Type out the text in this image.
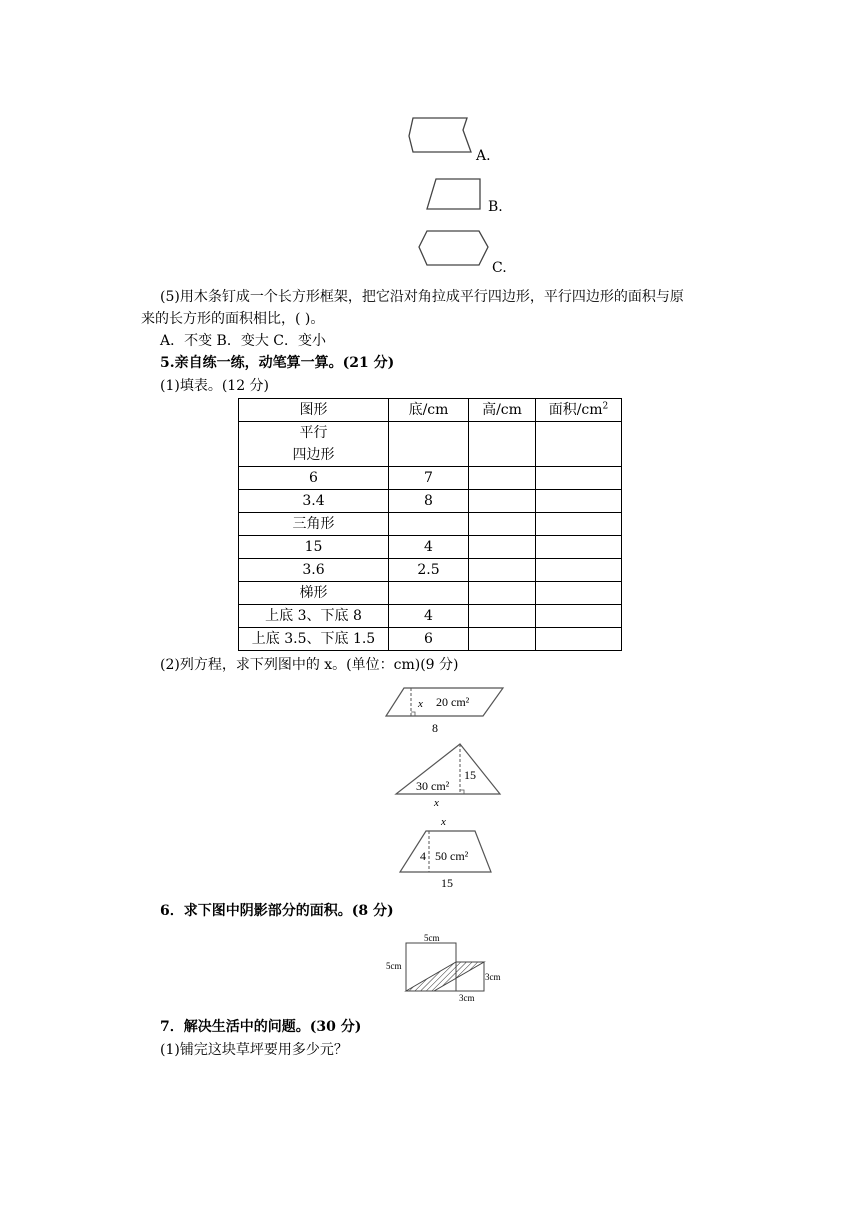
A.
B.
C.
(5)用木条钉成一个长方形框架，把它沿对角拉成平行四边形，平行四边形的面积与原
来的长方形的面积相比，( )。
A．不变 B．变大 C．变小
5.亲自练一练，动笔算一算。(21 分)
(1)填表。(12 分)
图形	底/cm	高/cm	面积$/cm^2$

平行
四边形			

6	7		
3.4	8		
三角形			
15	4		
3.6	2.5		
梯形			
上底 3、下底 8	4		
上底 3.5、下底 1.5	6		
(2)列方程，求下列图中的 x。(单位：cm)(9 分)
x 20 cm²
8
15
30 cm²
x
x
4 50 cm²
15
6．求下图中阴影部分的面积。(8 分)
5cm
5cm
3cm
3cm
7．解决生活中的问题。(30 分)
(1)铺完这块草坪要用多少元？
